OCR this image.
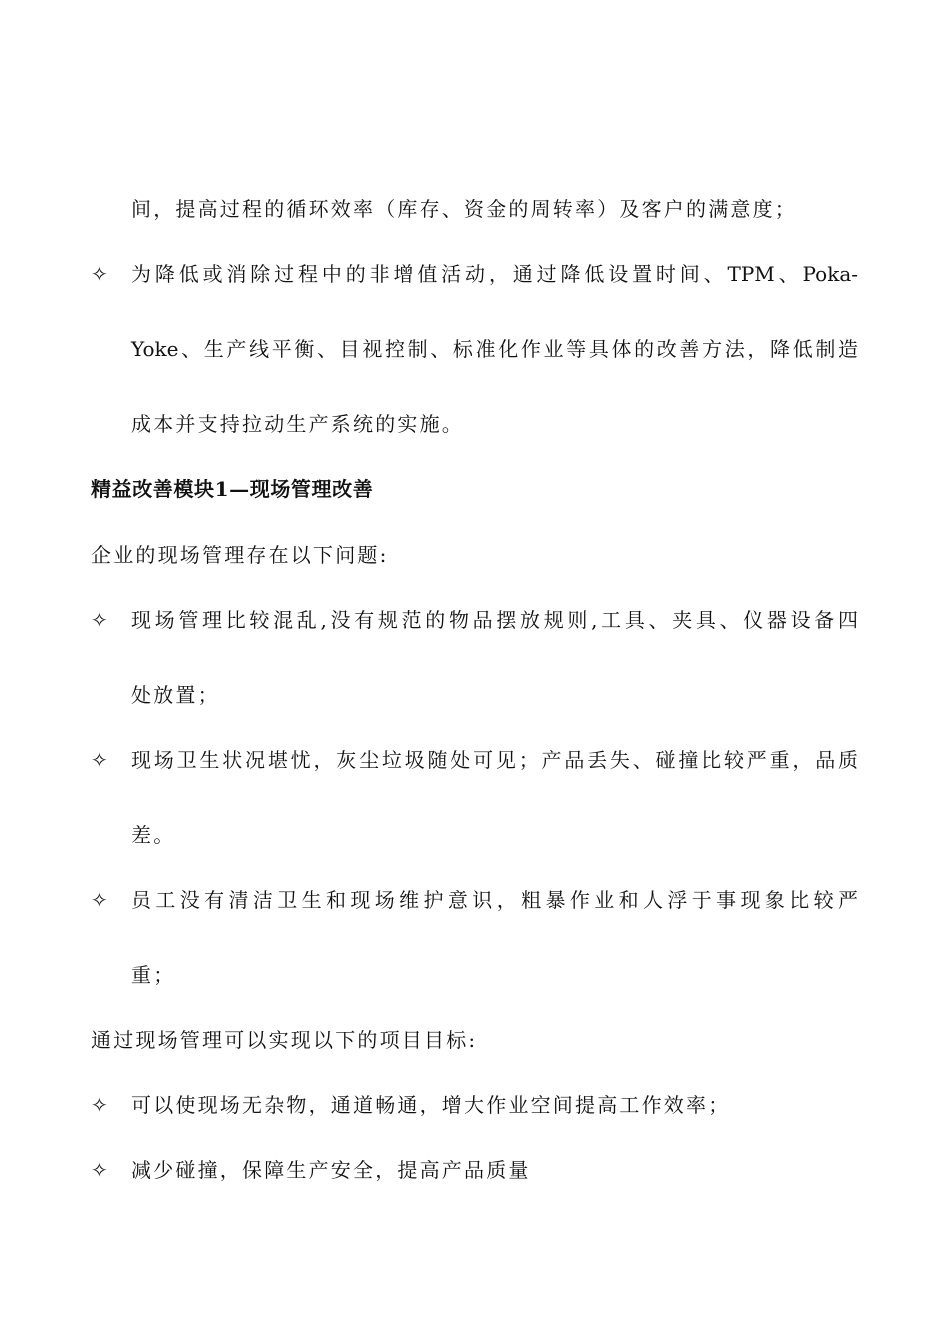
间，提高过程的循环效率（库存、资金的周转率）及客户的满意度；
✧ 为降低或消除过程中的非增值活动，通过降低设置时间、TPM、Poka-
Yoke、生产线平衡、目视控制、标准化作业等具体的改善方法，降低制造
成本并支持拉动生产系统的实施。
精益改善模块1—现场管理改善
企业的现场管理存在以下问题:
✧ 现场管理比较混乱,没有规范的物品摆放规则,工具、夹具、仪器设备四
处放置；
✧ 现场卫生状况堪忧，灰尘垃圾随处可见；产品丢失、碰撞比较严重，品质
差。
✧ 员工没有清洁卫生和现场维护意识，粗暴作业和人浮于事现象比较严
重；
通过现场管理可以实现以下的项目目标:
✧ 可以使现场无杂物，通道畅通，增大作业空间提高工作效率；
✧ 减少碰撞，保障生产安全，提高产品质量
